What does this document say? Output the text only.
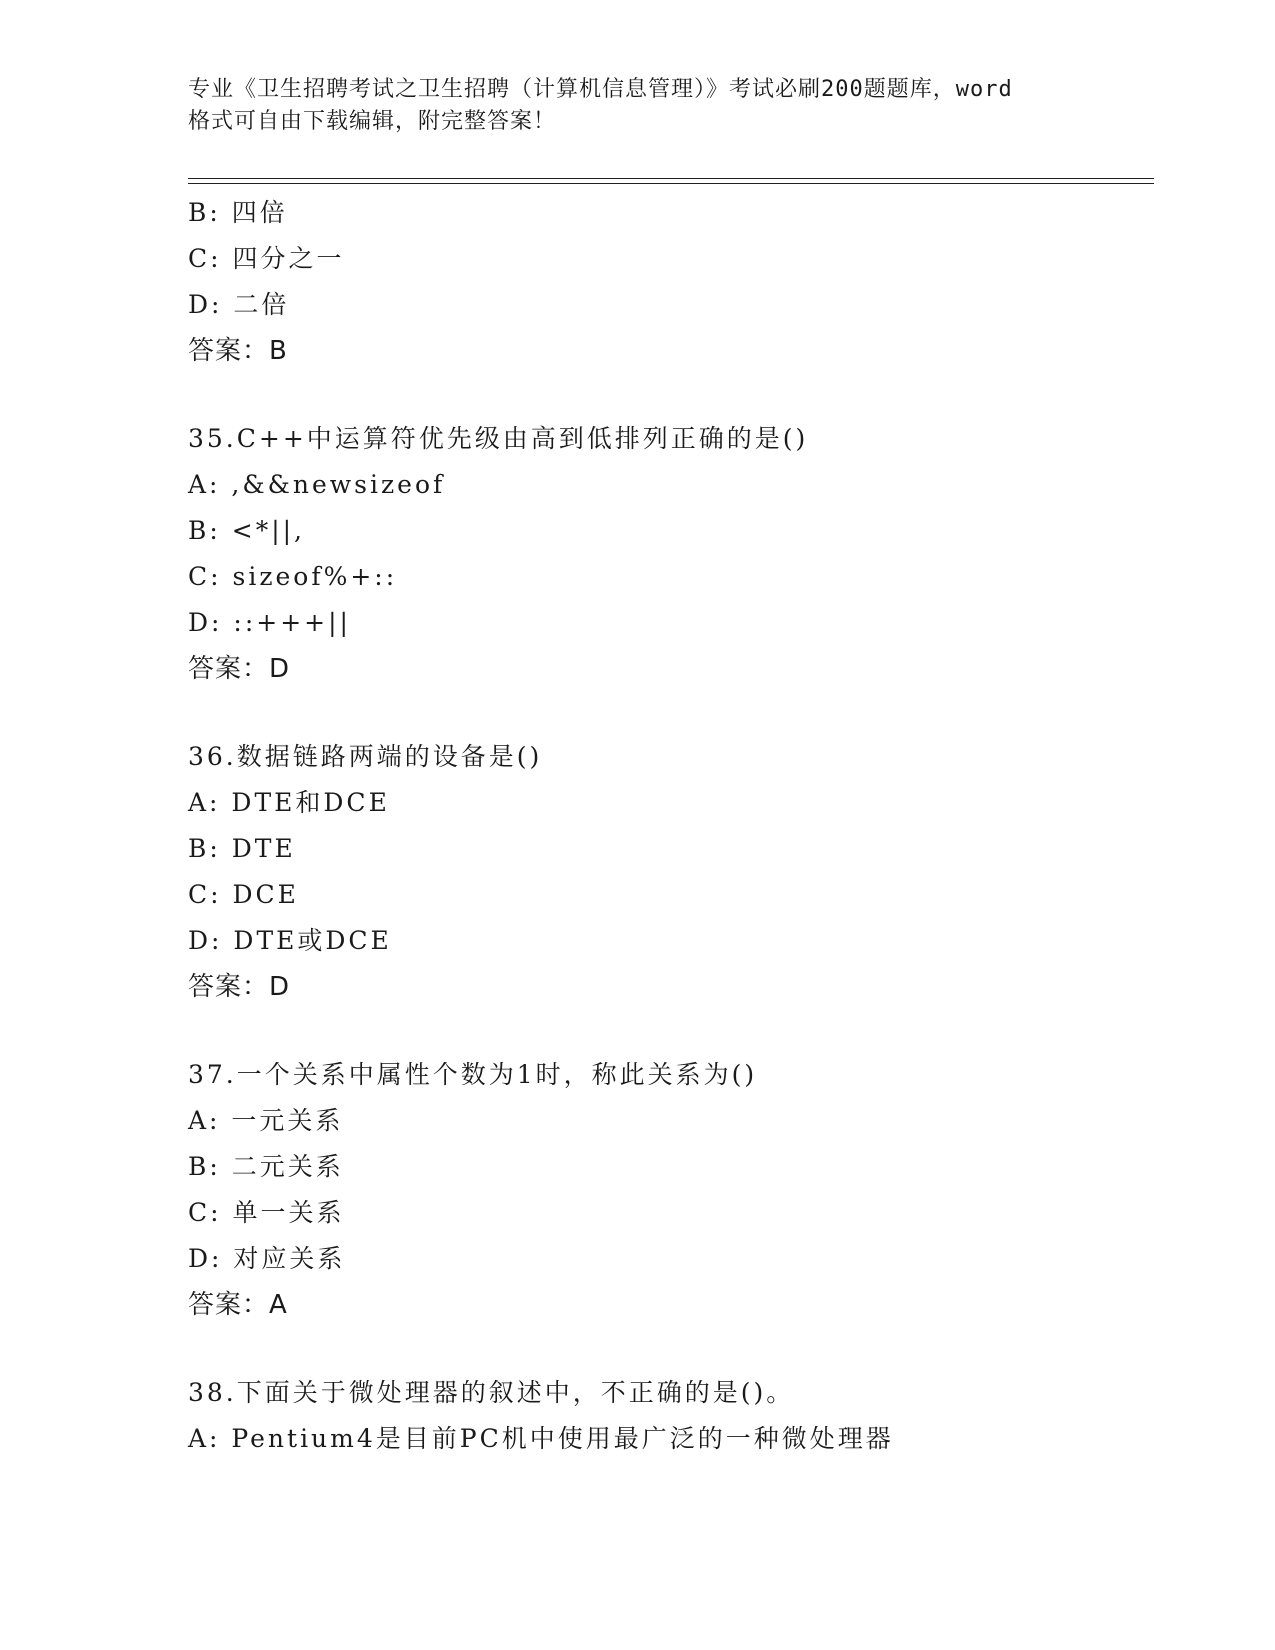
专业《卫生招聘考试之卫生招聘（计算机信息管理）》考试必刷200题题库，word
格式可自由下载编辑，附完整答案！
B: 四倍
C: 四分之一
D: 二倍
答案：B
35.C++中运算符优先级由高到低排列正确的是()
A: ,&&newsizeof
B: <*||,
C: sizeof%+::
D: ::+++||
答案：D
36.数据链路两端的设备是()
A: DTE和DCE
B: DTE
C: DCE
D: DTE或DCE
答案：D
37.一个关系中属性个数为1时，称此关系为()
A: 一元关系
B: 二元关系
C: 单一关系
D: 对应关系
答案：A
38.下面关于微处理器的叙述中，不正确的是()。
A: Pentium4是目前PC机中使用最广泛的一种微处理器
